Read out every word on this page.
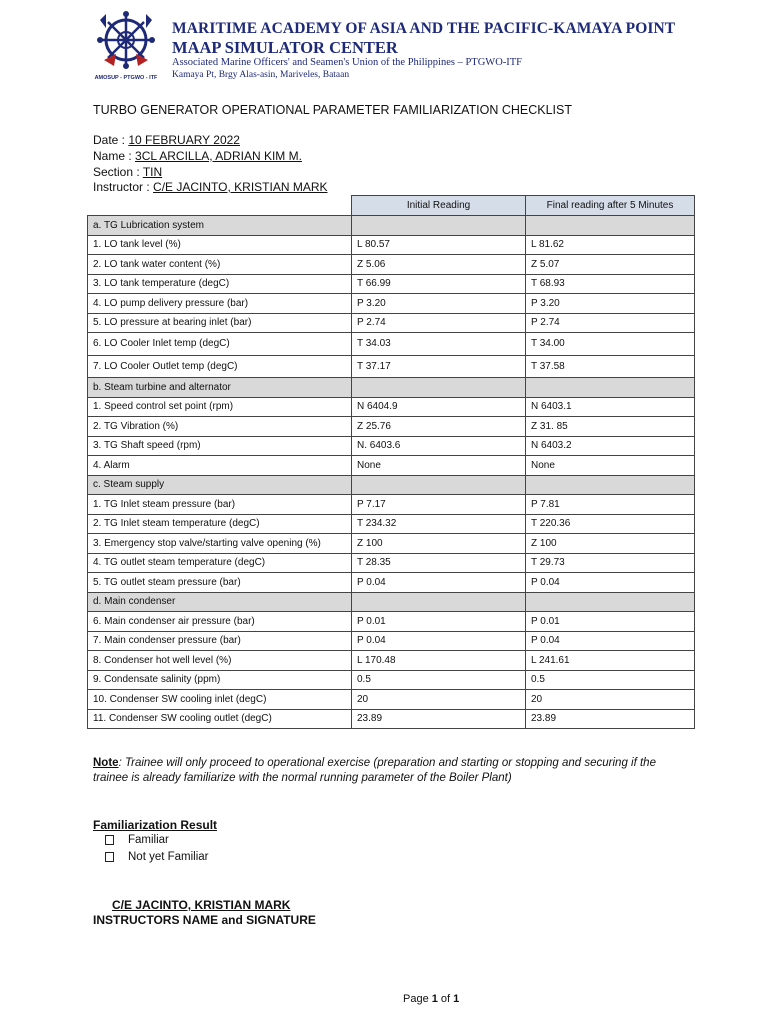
AMOSUP - PTGWO - ITF
MARITIME ACADEMY OF ASIA AND THE PACIFIC-KAMAYA POINT
MAAP SIMULATOR CENTER
Associated Marine Officers' and Seamen's Union of the Philippines – PTGWO-ITF
Kamaya Pt, Brgy Alas-asin, Mariveles, Bataan
TURBO GENERATOR OPERATIONAL PARAMETER FAMILIARIZATION CHECKLIST
Date : 10 FEBRUARY 2022
Name : 3CL ARCILLA, ADRIAN KIM M.
Section : TIN
Instructor : C/E JACINTO, KRISTIAN MARK
	Initial Reading	Final reading after 5 Minutes
a. TG Lubrication system		
1. LO tank level (%)	L 80.57	L 81.62
2. LO tank water content (%)	Z 5.06	Z 5.07
3. LO tank temperature (degC)	T 66.99	T 68.93
4. LO pump delivery pressure (bar)	P 3.20	P 3.20
5. LO pressure at bearing inlet (bar)	P 2.74	P 2.74
6. LO Cooler Inlet temp (degC)	T 34.03	T 34.00
7. LO Cooler Outlet temp (degC)	T 37.17	T 37.58
b. Steam turbine and alternator		
1. Speed control set point (rpm)	N 6404.9	N 6403.1
2. TG Vibration (%)	Z 25.76	Z 31. 85
3. TG Shaft speed (rpm)	N. 6403.6	N 6403.2
4. Alarm	None	None
c. Steam supply		
1. TG Inlet steam pressure (bar)	P 7.17	P 7.81
2. TG Inlet steam temperature (degC)	T 234.32	T 220.36
3. Emergency stop valve/starting valve opening (%)	Z 100	Z 100
4. TG outlet steam temperature (degC)	T 28.35	T 29.73
5. TG outlet steam pressure (bar)	P 0.04	P 0.04
d. Main condenser		
6. Main condenser air pressure (bar)	P 0.01	P 0.01
7. Main condenser pressure (bar)	P 0.04	P 0.04
8. Condenser hot well level (%)	L 170.48	L 241.61
9. Condensate salinity (ppm)	0.5	0.5
10. Condenser SW cooling inlet (degC)	20	20
11. Condenser SW cooling outlet (degC)	23.89	23.89
Note: Trainee will only proceed to operational exercise (preparation and starting or stopping and securing if the trainee is already familiarize with the normal running parameter of the Boiler Plant)
Familiarization Result
Familiar
Not yet Familiar
C/E JACINTO, KRISTIAN MARK
INSTRUCTORS NAME and SIGNATURE
Page 1 of 1
